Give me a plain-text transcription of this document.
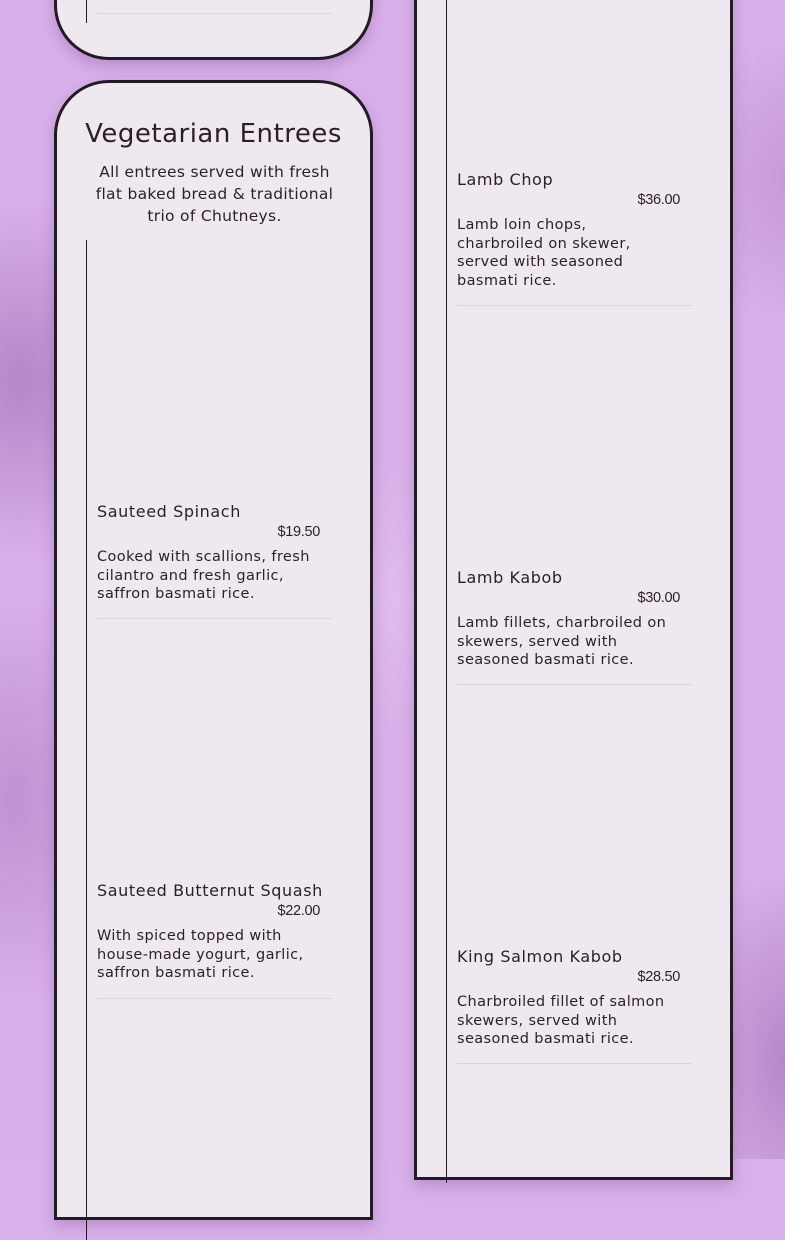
Vegetarian Entrees
All entrees served with fresh flat baked bread & traditional trio of Chutneys.
Sauteed Spinach
$19.50
Cooked with scallions, fresh cilantro and fresh garlic, saffron basmati rice.
Sauteed Butternut Squash
$22.00
With spiced topped with house-made yogurt, garlic, saffron basmati rice.
Lamb Chop
$36.00
Lamb loin chops, charbroiled on skewer, served with seasoned basmati rice.
Lamb Kabob
$30.00
Lamb fillets, charbroiled on skewers, served with seasoned basmati rice.
King Salmon Kabob
$28.50
Charbroiled fillet of salmon skewers, served with seasoned basmati rice.
